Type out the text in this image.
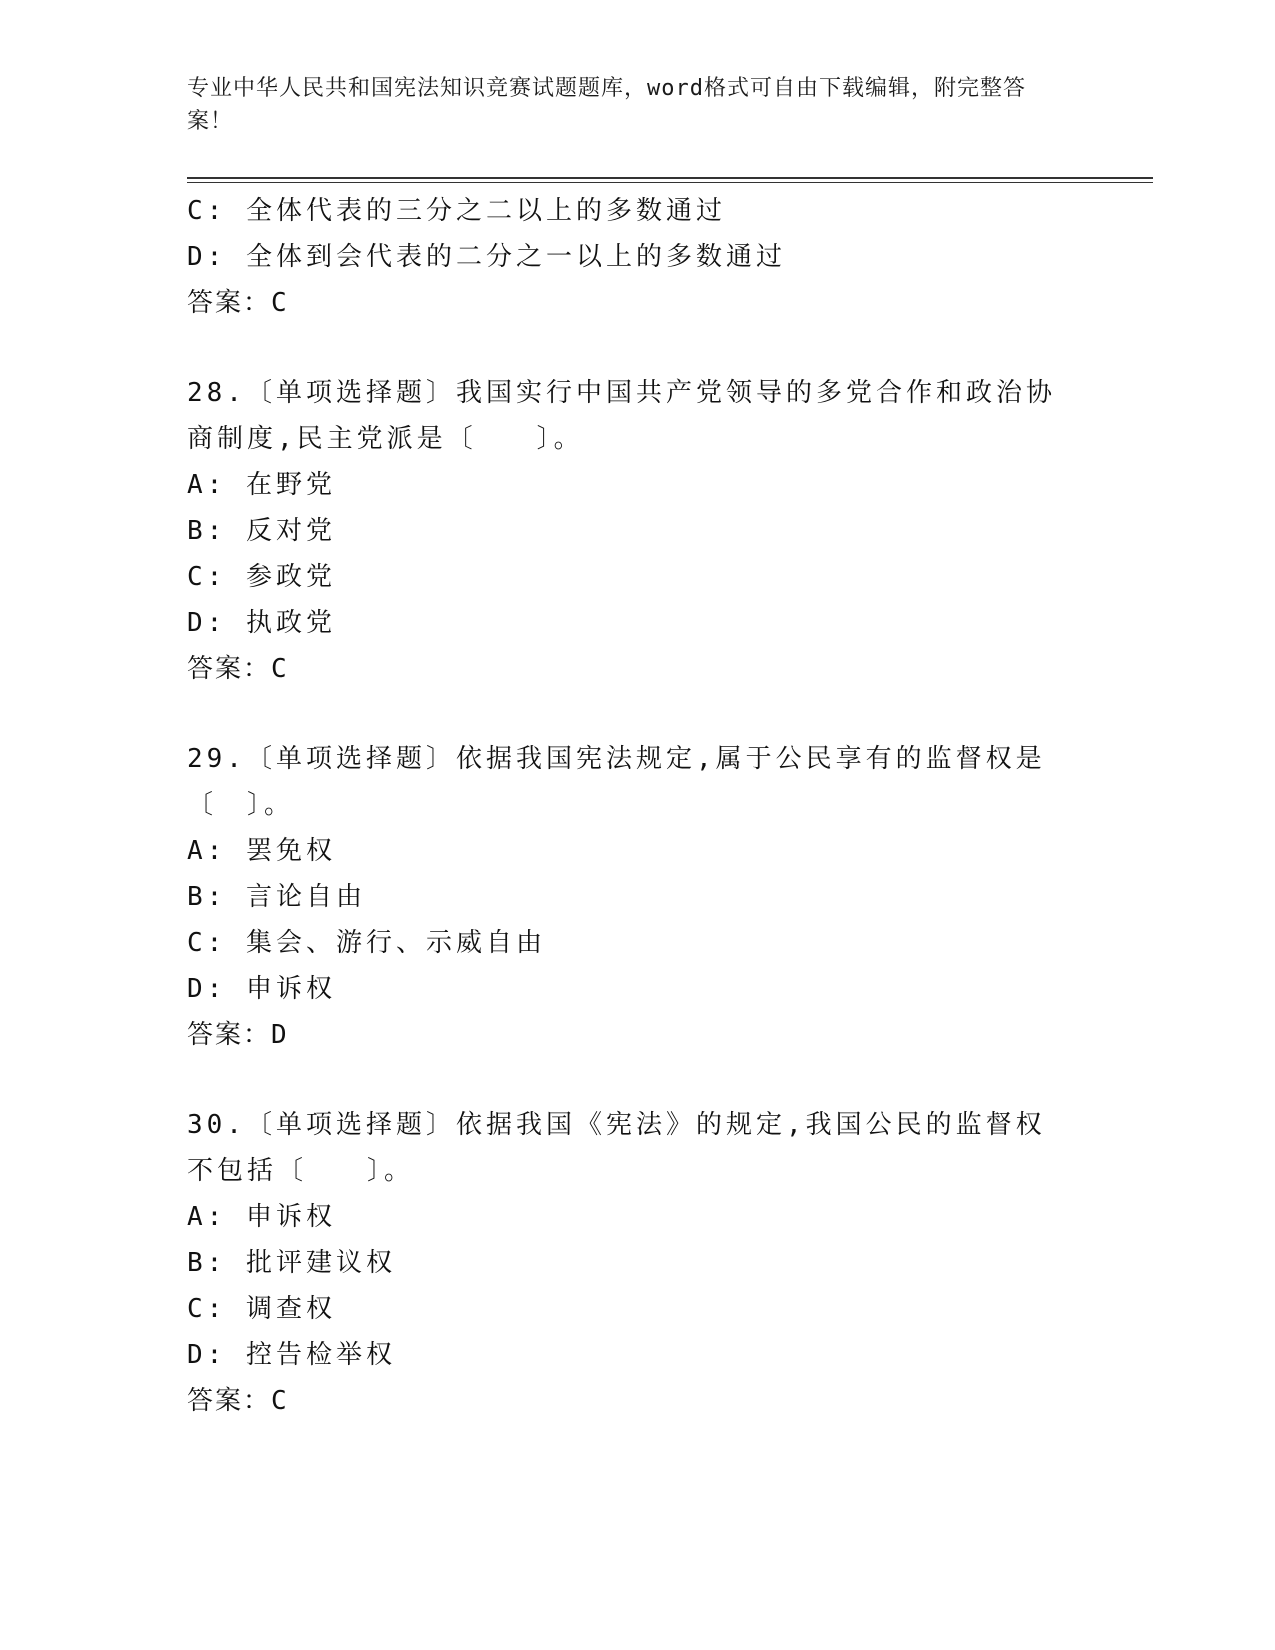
专业中华人民共和国宪法知识竞赛试题题库，word格式可自由下载编辑，附完整答案！
C: 全体代表的三分之二以上的多数通过
D: 全体到会代表的二分之一以上的多数通过
答案：C
28.〔单项选择题〕我国实行中国共产党领导的多党合作和政治协商制度,民主党派是〔　　〕。
A: 在野党
B: 反对党
C: 参政党
D: 执政党
答案：C
29.〔单项选择题〕依据我国宪法规定,属于公民享有的监督权是〔　〕。
A: 罢免权
B: 言论自由
C: 集会、游行、示威自由
D: 申诉权
答案：D
30.〔单项选择题〕依据我国《宪法》的规定,我国公民的监督权不包括〔　　〕。
A: 申诉权
B: 批评建议权
C: 调查权
D: 控告检举权
答案：C
